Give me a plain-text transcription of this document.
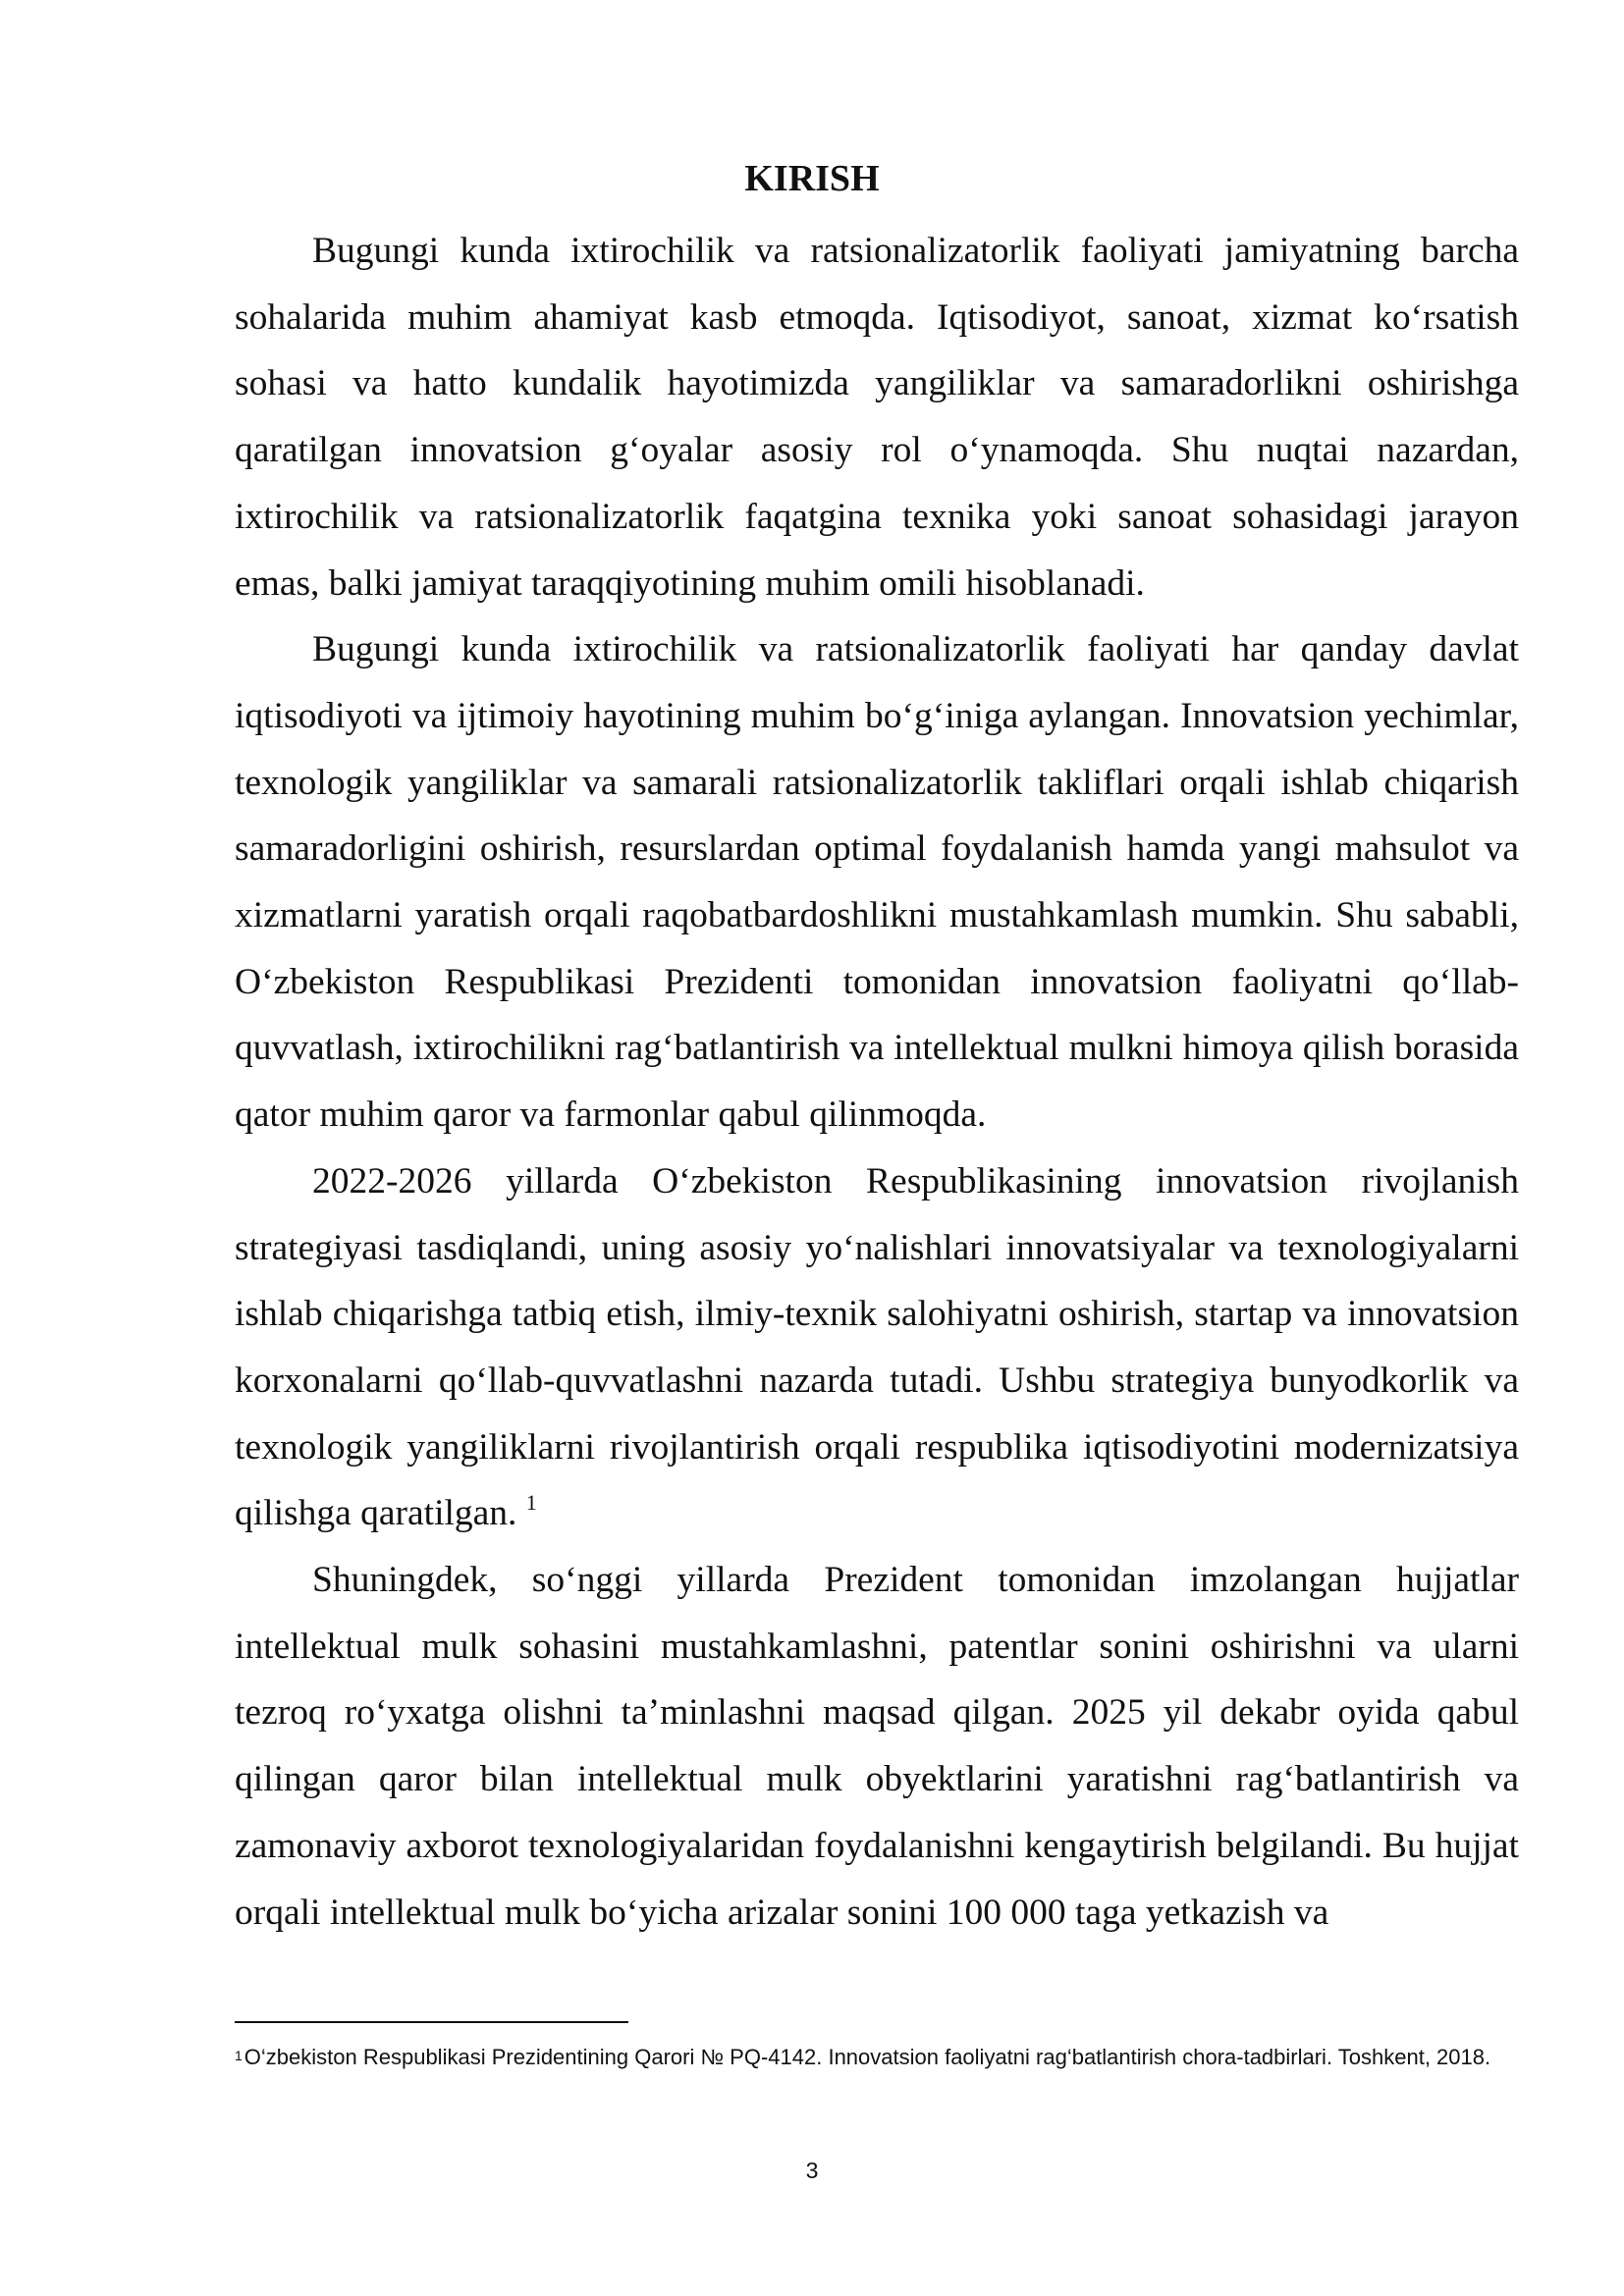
KIRISH

Bugungi kunda ixtirochilik va ratsionalizatorlik faoliyati jamiyatning barcha sohalarida muhim ahamiyat kasb etmoqda. Iqtisodiyot, sanoat, xizmat ko‘rsatish sohasi va hatto kundalik hayotimizda yangiliklar va samaradorlikni oshirishga qaratilgan innovatsion g‘oyalar asosiy rol o‘ynamoqda. Shu nuqtai nazardan, ixtirochilik va ratsionalizatorlik faqatgina texnika yoki sanoat sohasidagi jarayon emas, balki jamiyat taraqqiyotining muhim omili hisoblanadi.

Bugungi kunda ixtirochilik va ratsionalizatorlik faoliyati har qanday davlat iqtisodiyoti va ijtimoiy hayotining muhim bo‘g‘iniga aylangan. Innovatsion yechimlar, texnologik yangiliklar va samarali ratsionalizatorlik takliflari orqali ishlab chiqarish samaradorligini oshirish, resurslardan optimal foydalanish hamda yangi mahsulot va xizmatlarni yaratish orqali raqobatbardoshlikni mustahkamlash mumkin. Shu sababli, O‘zbekiston Respublikasi Prezidenti tomonidan innovatsion faoliyatni qo‘llab-quvvatlash, ixtirochilikni rag‘batlantirish va intellektual mulkni himoya qilish borasida qator muhim qaror va farmonlar qabul qilinmoqda.

2022-2026 yillarda O‘zbekiston Respublikasining innovatsion rivojlanish strategiyasi tasdiqlandi, uning asosiy yo‘nalishlari innovatsiyalar va texnologiyalarni ishlab chiqarishga tatbiq etish, ilmiy-texnik salohiyatni oshirish, startap va innovatsion korxonalarni qo‘llab-quvvatlashni nazarda tutadi. Ushbu strategiya bunyodkorlik va texnologik yangiliklarni rivojlantirish orqali respublika iqtisodiyotini modernizatsiya qilishga qaratilgan. $^1$

Shuningdek, so‘nggi yillarda Prezident tomonidan imzolangan hujjatlar intellektual mulk sohasini mustahkamlashni, patentlar sonini oshirishni va ularni tezroq ro‘yxatga olishni ta’minlashni maqsad qilgan. 2025 yil dekabr oyida qabul qilingan qaror bilan intellektual mulk obyektlarini yaratishni rag‘batlantirish va zamonaviy axborot texnologiyalaridan foydalanishni kengaytirish belgilandi. Bu hujjat orqali intellektual mulk bo‘yicha arizalar sonini 100 000 taga yetkazish va

$^1$O‘zbekiston Respublikasi Prezidentining Qarori № PQ-4142. Innovatsion faoliyatni rag‘batlantirish chora-tadbirlari. Toshkent, 2018.
3
